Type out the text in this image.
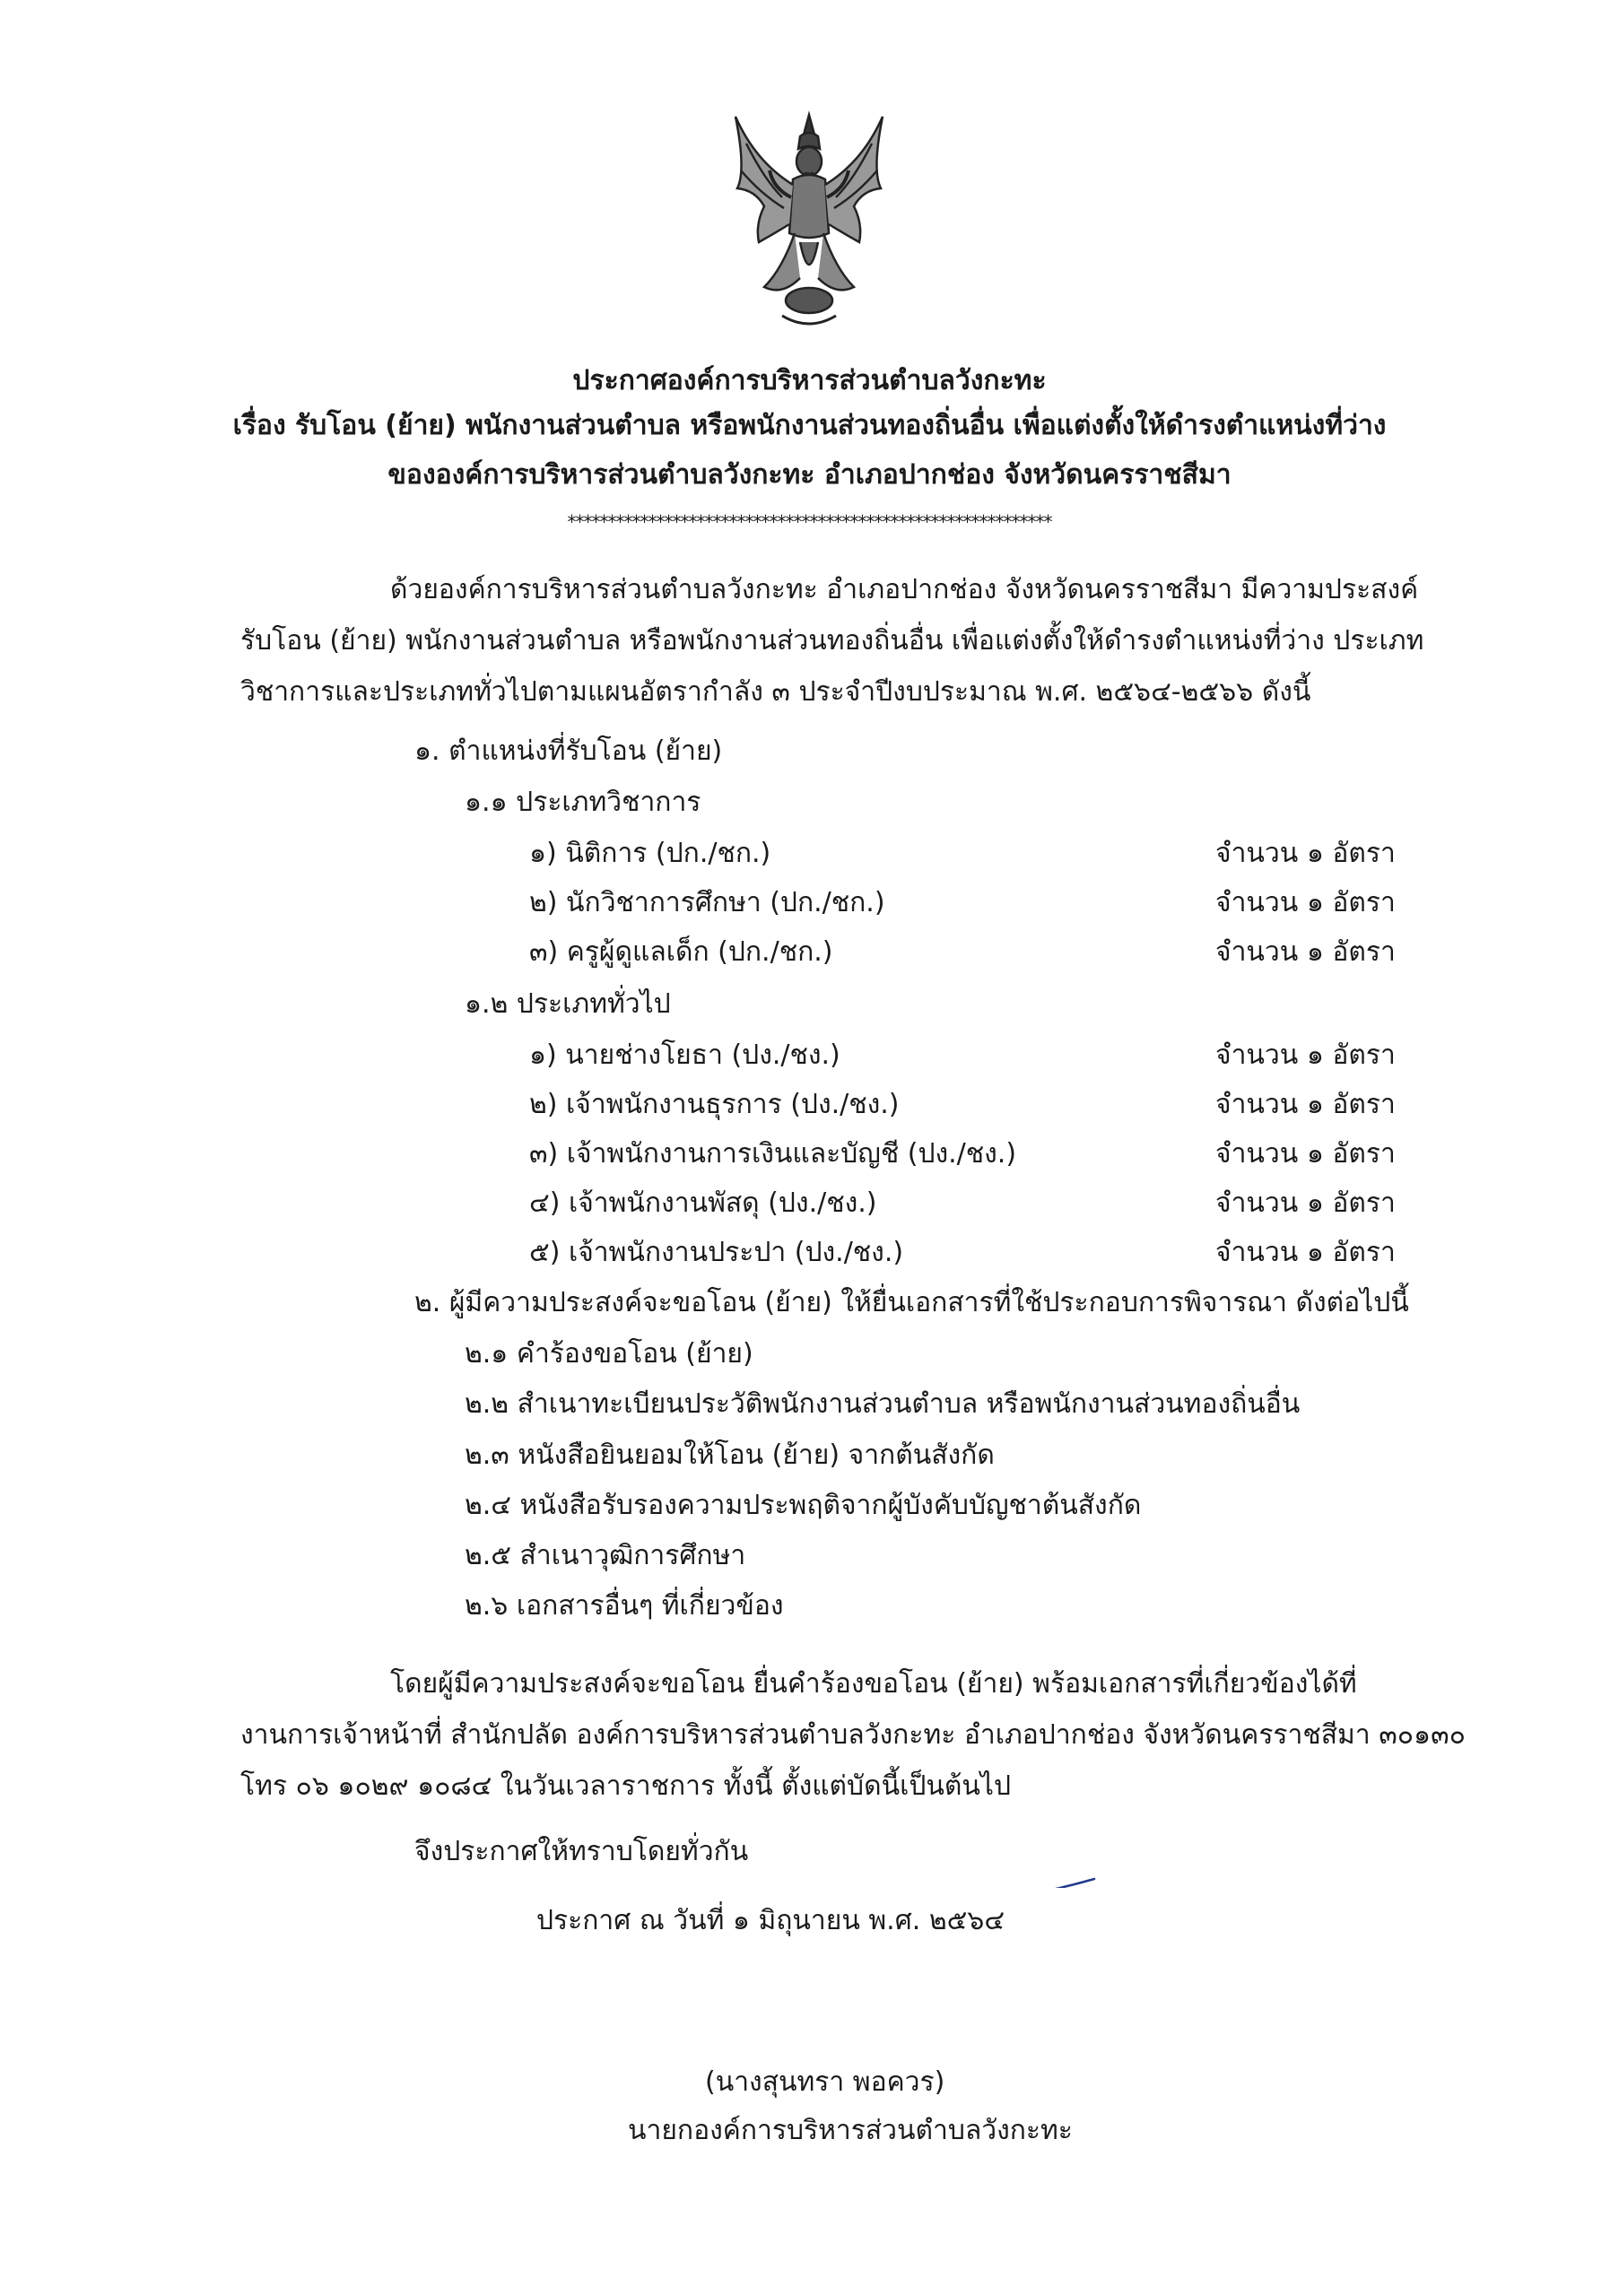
ประกาศองค์การบริหารส่วนตำบลวังกะทะ
เรื่อง รับโอน (ย้าย) พนักงานส่วนตำบล หรือพนักงานส่วนทองถิ่นอื่น เพื่อแต่งตั้งให้ดำรงตำแหน่งที่ว่าง
ขององค์การบริหารส่วนตำบลวังกะทะ อำเภอปากช่อง จังหวัดนครราชสีมา
************************************************************
ด้วยองค์การบริหารส่วนตำบลวังกะทะ อำเภอปากช่อง จังหวัดนครราชสีมา มีความประสงค์
รับโอน (ย้าย) พนักงานส่วนตำบล หรือพนักงานส่วนทองถิ่นอื่น เพื่อแต่งตั้งให้ดำรงตำแหน่งที่ว่าง ประเภท
วิชาการและประเภททั่วไปตามแผนอัตรากำลัง ๓ ประจำปีงบประมาณ พ.ศ. ๒๕๖๔-๒๕๖๖ ดังนี้
๑. ตำแหน่งที่รับโอน (ย้าย)
๑.๑ ประเภทวิชาการ
๑) นิติการ (ปก./ชก.)	จำนวน ๑ อัตรา
๒) นักวิชาการศึกษา (ปก./ชก.)	จำนวน ๑ อัตรา
๓) ครูผู้ดูแลเด็ก (ปก./ชก.)	จำนวน ๑ อัตรา
๑.๒ ประเภททั่วไป
๑) นายช่างโยธา (ปง./ชง.)	จำนวน ๑ อัตรา
๒) เจ้าพนักงานธุรการ (ปง./ชง.)	จำนวน ๑ อัตรา
๓) เจ้าพนักงานการเงินและบัญชี (ปง./ชง.)	จำนวน ๑ อัตรา
๔) เจ้าพนักงานพัสดุ (ปง./ชง.)	จำนวน ๑ อัตรา
๕) เจ้าพนักงานประปา (ปง./ชง.)	จำนวน ๑ อัตรา
๒. ผู้มีความประสงค์จะขอโอน (ย้าย) ให้ยื่นเอกสารที่ใช้ประกอบการพิจารณา ดังต่อไปนี้
๒.๑ คำร้องขอโอน (ย้าย)
๒.๒ สำเนาทะเบียนประวัติพนักงานส่วนตำบล หรือพนักงานส่วนทองถิ่นอื่น
๒.๓ หนังสือยินยอมให้โอน (ย้าย) จากต้นสังกัด
๒.๔ หนังสือรับรองความประพฤติจากผู้บังคับบัญชาต้นสังกัด
๒.๕ สำเนาวุฒิการศึกษา
๒.๖ เอกสารอื่นๆ ที่เกี่ยวข้อง
โดยผู้มีความประสงค์จะขอโอน ยื่นคำร้องขอโอน (ย้าย) พร้อมเอกสารที่เกี่ยวข้องได้ที่
งานการเจ้าหน้าที่ สำนักปลัด องค์การบริหารส่วนตำบลวังกะทะ อำเภอปากช่อง จังหวัดนครราชสีมา ๓๐๑๓๐
โทร ๐๖ ๑๐๒๙ ๑๐๘๔ ในวันเวลาราชการ ทั้งนี้ ตั้งแต่บัดนี้เป็นต้นไป
จึงประกาศให้ทราบโดยทั่วกัน
ประกาศ ณ วันที่ ๑ มิถุนายน พ.ศ. ๒๕๖๔
(นางสุนทรา พอควร)
นายกองค์การบริหารส่วนตำบลวังกะทะ
